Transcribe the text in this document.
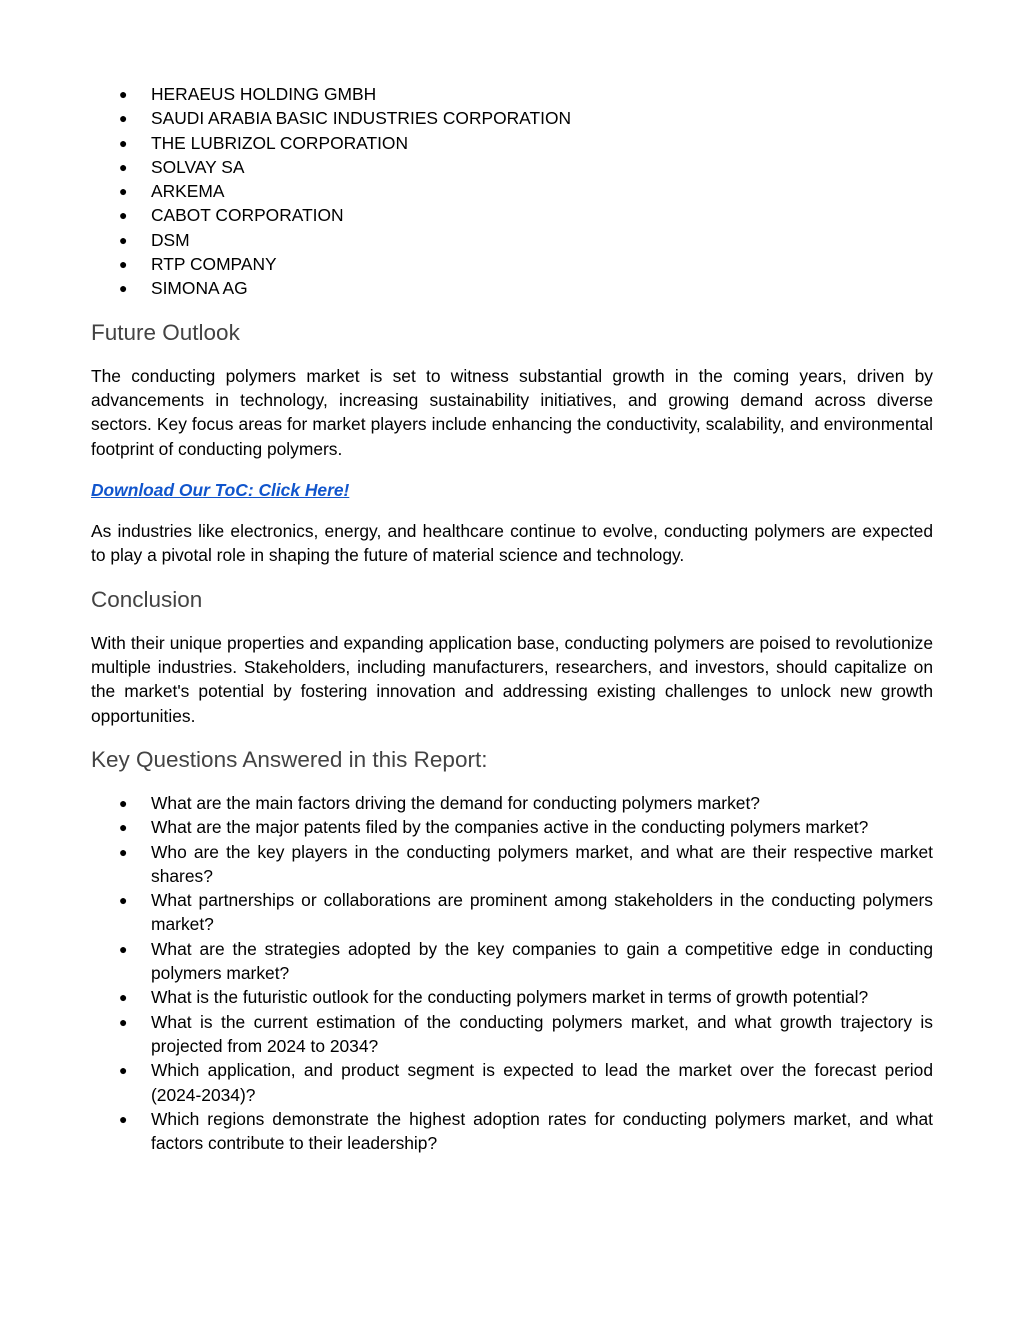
● HERAEUS HOLDING GMBH
● SAUDI ARABIA BASIC INDUSTRIES CORPORATION
● THE LUBRIZOL CORPORATION
● SOLVAY SA
● ARKEMA
● CABOT CORPORATION
● DSM
● RTP COMPANY
● SIMONA AG
Future Outlook

The conducting polymers market is set to witness substantial growth in the coming years, driven by advancements in technology, increasing sustainability initiatives, and growing demand across diverse sectors. Key focus areas for market players include enhancing the conductivity, scalability, and environmental footprint of conducting polymers.

Download Our ToC: Click Here!

As industries like electronics, energy, and healthcare continue to evolve, conducting polymers are expected to play a pivotal role in shaping the future of material science and technology.

Conclusion

With their unique properties and expanding application base, conducting polymers are poised to revolutionize multiple industries. Stakeholders, including manufacturers, researchers, and investors, should capitalize on the market's potential by fostering innovation and addressing existing challenges to unlock new growth opportunities.

Key Questions Answered in this Report:
● What are the main factors driving the demand for conducting polymers market?
● What are the major patents filed by the companies active in the conducting polymers market?
● Who are the key players in the conducting polymers market, and what are their respective market shares?
● What partnerships or collaborations are prominent among stakeholders in the conducting polymers market?
● What are the strategies adopted by the key companies to gain a competitive edge in conducting polymers market?
● What is the futuristic outlook for the conducting polymers market in terms of growth potential?
● What is the current estimation of the conducting polymers market, and what growth trajectory is projected from 2024 to 2034?
● Which application, and product segment is expected to lead the market over the forecast period (2024-2034)?
● Which regions demonstrate the highest adoption rates for conducting polymers market, and what factors contribute to their leadership?
